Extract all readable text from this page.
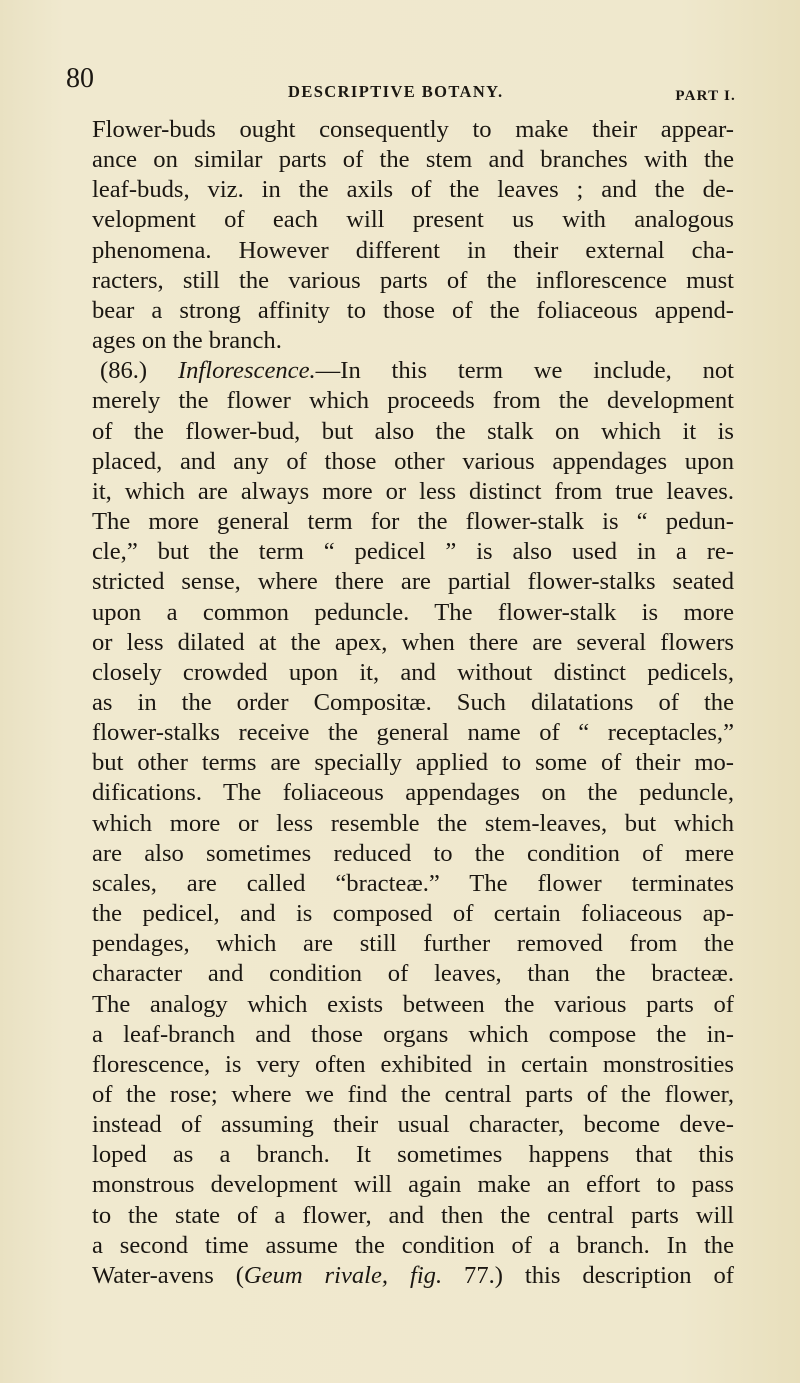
80	DESCRIPTIVE BOTANY.	PART I.
Flower-buds ought consequently to make their appear-
ance on similar parts of the stem and branches with the
leaf-buds, viz. in the axils of the leaves ; and the de-
velopment of each will present us with analogous
phenomena. However different in their external cha-
racters, still the various parts of the inflorescence must
bear a strong affinity to those of the foliaceous append-
ages on the branch.
(86.) Inflorescence.—In this term we include, not
merely the flower which proceeds from the development
of the flower-bud, but also the stalk on which it is
placed, and any of those other various appendages upon
it, which are always more or less distinct from true leaves.
The more general term for the flower-stalk is “ pedun-
cle,” but the term “ pedicel ” is also used in a re-
stricted sense, where there are partial flower-stalks seated
upon a common peduncle. The flower-stalk is more
or less dilated at the apex, when there are several flowers
closely crowded upon it, and without distinct pedicels,
as in the order Compositæ. Such dilatations of the
flower-stalks receive the general name of “ receptacles,”
but other terms are specially applied to some of their mo-
difications. The foliaceous appendages on the peduncle,
which more or less resemble the stem-leaves, but which
are also sometimes reduced to the condition of mere
scales, are called “bracteæ.” The flower terminates
the pedicel, and is composed of certain foliaceous ap-
pendages, which are still further removed from the
character and condition of leaves, than the bracteæ.
The analogy which exists between the various parts of
a leaf-branch and those organs which compose the in-
florescence, is very often exhibited in certain monstrosities
of the rose; where we find the central parts of the flower,
instead of assuming their usual character, become deve-
loped as a branch. It sometimes happens that this
monstrous development will again make an effort to pass
to the state of a flower, and then the central parts will
a second time assume the condition of a branch. In the
Water-avens (Geum rivale, fig. 77.) this description of
